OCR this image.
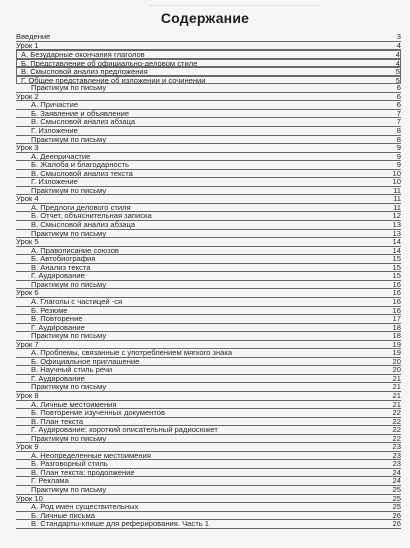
Содержание
Введение	3
Урок 1	4
А. Безударные окончания глаголов	4
Б. Представление об официально-деловом стиле	4
В. Смысловой анализ предложения	5
Г. Общее представление об изложении и сочинении	5
Практикум по письму	6
Урок 2	6
А. Причастие	6
Б. Заявление и объявление	7
В. Смысловой анализ абзаца	7
Г. Изложение	8
Практикум по письму	8
Урок 3	9
А. Деепричастие	9
Б. Жалоба и благодарность	9
В. Смысловой анализ текста	10
Г. Изложение	10
Практикум по письму	11
Урок 4	11
А. Предлоги делового стиля	11
Б. Отчет, объяснительная записка	12
В. Смысловой анализ абзаца	13
Практикум по письму	13
Урок 5	14
А. Правописание союзов	14
Б. Автобиография	15
В. Анализ текста	15
Г. Аудирование	15
Практикум по письму	16
Урок 6	16
А. Глаголы с частицей -ся	16
Б. Резюме	16
В. Повторение	17
Г. Аудирование	18
Практикум по письму	18
Урок 7	19
А. Проблемы, связанные с употреблением мягкого знака	19
Б. Официальное приглашение	20
В. Научный стиль речи	20
Г. Аудирование	21
Практикум по письму	21
Урок 8	21
А. Личные местоимения	21
Б. Повторение изученных документов	22
В. План текста	22
Г. Аудирование: короткий описательный радиосюжет	22
Практикум по письму	22
Урок 9	23
А. Неопределенные местоимения	23
Б. Разговорный стиль	23
В. План текста: продолжение	24
Г. Реклама	24
Практикум по письму	25
Урок 10	25
А. Род имен существительных	25
Б. Личные письма	26
В. Стандарты-клише для реферирования. Часть 1	26
